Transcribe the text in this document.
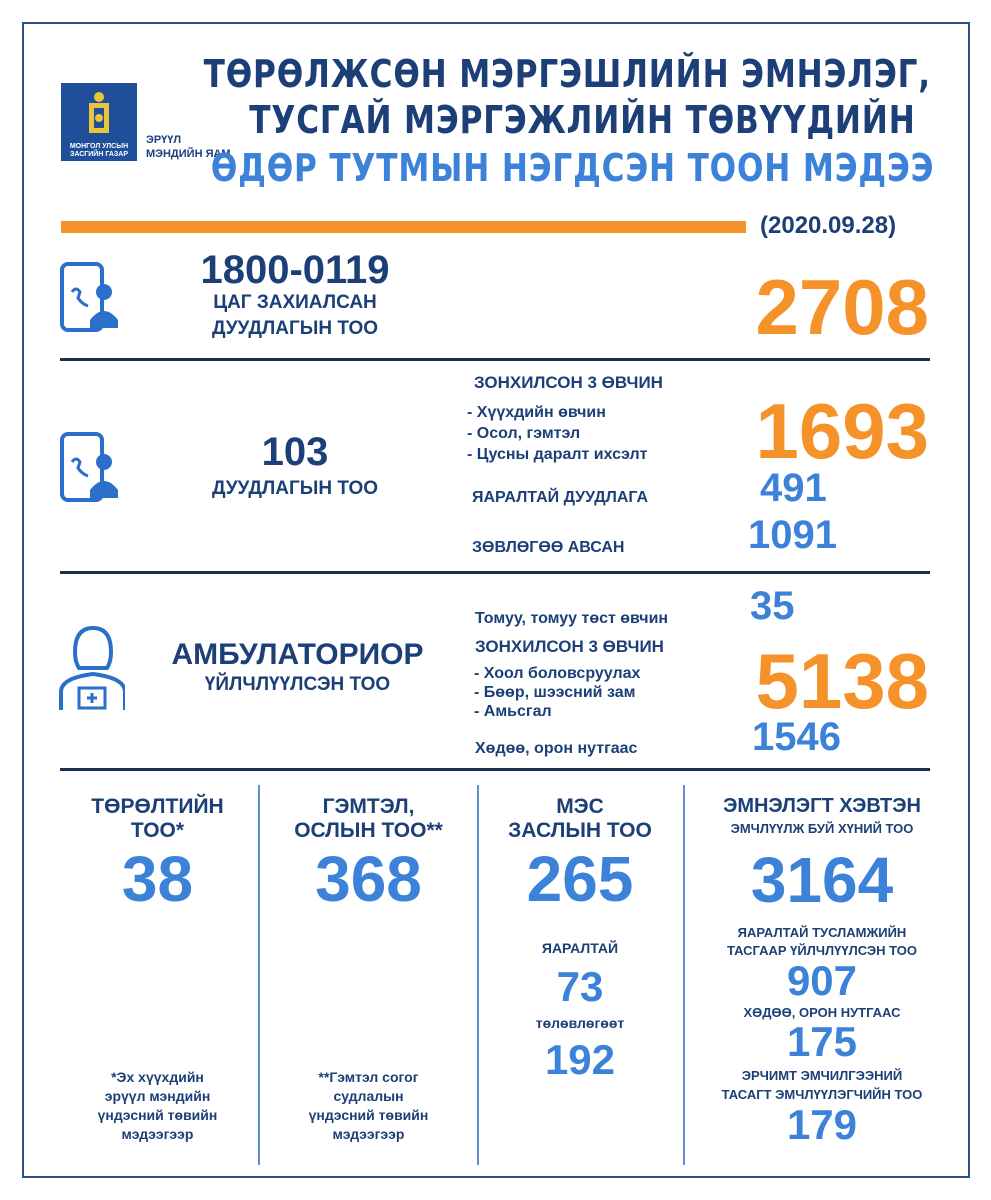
МОНГОЛ УЛСЫН ЗАСГИЙН ГАЗАР
ЭРҮҮЛ
МЭНДИЙН ЯАМ
ТӨРӨЛЖСӨН МЭРГЭШЛИЙН ЭМНЭЛЭГ,
ТУСГАЙ МЭРГЭЖЛИЙН ТӨВҮҮДИЙН
ӨДӨР ТУТМЫН НЭГДСЭН ТООН МЭДЭЭ
(2020.09.28)
1800-0119
ЦАГ ЗАХИАЛСАН
ДУУДЛАГЫН ТОО	2708
103
ДУУДЛАГЫН ТОО
ЗОНХИЛСОН 3 ӨВЧИН
- Хүүхдийн өвчин
- Осол, гэмтэл
- Цусны даралт ихсэлт 1693
ЯАРАЛТАЙ ДУУДЛАГА	491
ЗӨВЛӨГӨӨ АВСАН	1091
АМБУЛАТОРИОР
ҮЙЛЧЛҮҮЛСЭН ТОО
Томуу, томуу төст өвчин 35
ЗОНХИЛСОН 3 ӨВЧИН
- Хоол боловсруулах
- Бөөр, шээсний зам
- Амьсгал	5138
Хөдөө, орон нутгаас	1546
ТӨРӨЛТИЙН
ТОО*
38
*Эх хүүхдийн
эрүүл мэндийн
үндэсний төвийн
мэдээгээр
ГЭМТЭЛ,
ОСЛЫН ТОО**
368
**Гэмтэл согог
судлалын
үндэсний төвийн
мэдээгээр
МЭС
ЗАСЛЫН ТОО
265
ЯАРАЛТАЙ
73
төлөвлөгөөт
192
ЭМНЭЛЭГТ ХЭВТЭН
ЭМЧЛҮҮЛЖ БУЙ ХҮНИЙ ТОО
3164
ЯАРАЛТАЙ ТУСЛАМЖИЙН
ТАСГААР ҮЙЛЧЛҮҮЛСЭН ТОО
907
ХӨДӨӨ, ОРОН НУТГААС
175
ЭРЧИМТ ЭМЧИЛГЭЭНИЙ
ТАСАГТ ЭМЧЛҮҮЛЭГЧИЙН ТОО
179
